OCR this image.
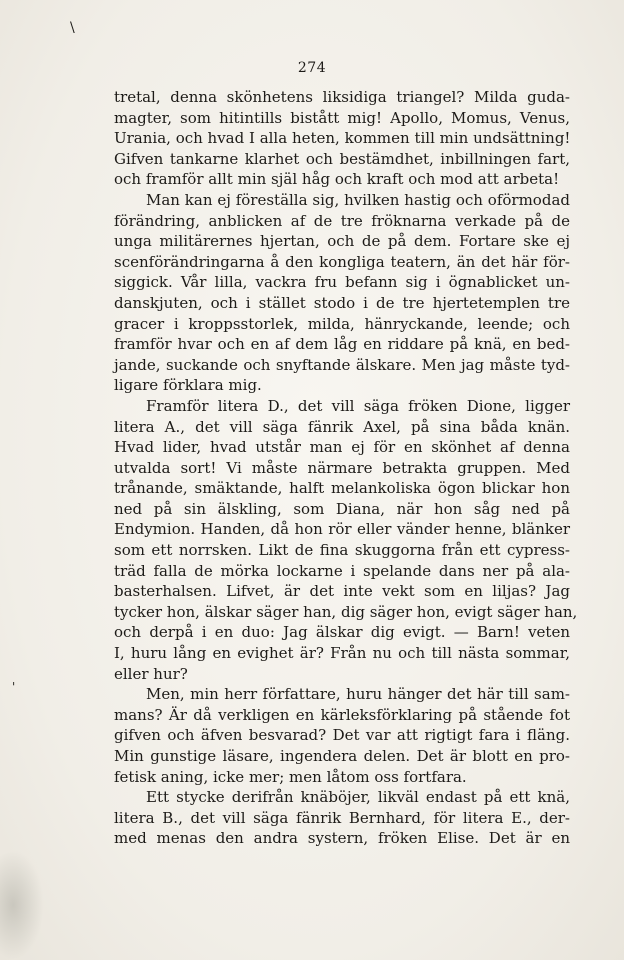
\
'
274
tretal, denna skönhetens liksidiga triangel? Milda guda-
magter, som hitintills bistått mig! Apollo, Momus, Venus,
Urania, och hvad I alla heten, kommen till min undsättning!
Gifven tankarne klarhet och bestämdhet, inbillningen fart,
och framför allt min själ håg och kraft och mod att arbeta!
Man kan ej föreställa sig, hvilken hastig och oförmodad
förändring, anblicken af de tre fröknarna verkade på de
unga militärernes hjertan, och de på dem. Fortare ske ej
scenförändringarna å den kongliga teatern, än det här för-
siggick. Vår lilla, vackra fru befann sig i ögnablicket un-
danskjuten, och i stället stodo i de tre hjertetemplen tre
gracer i kroppsstorlek, milda, hänryckande, leende; och
framför hvar och en af dem låg en riddare på knä, en bed-
jande, suckande och snyftande älskare. Men jag måste tyd-
ligare förklara mig.
Framför litera D., det vill säga fröken Dione, ligger
litera A., det vill säga fänrik Axel, på sina båda knän.
Hvad lider, hvad utstår man ej för en skönhet af denna
utvalda sort! Vi måste närmare betrakta gruppen. Med
trånande, smäktande, halft melankoliska ögon blickar hon
ned på sin älskling, som Diana, när hon såg ned på
Endymion. Handen, då hon rör eller vänder henne, blänker
som ett norrsken. Likt de fina skuggorna från ett cypress-
träd falla de mörka lockarne i spelande dans ner på ala-
basterhalsen. Lifvet, är det inte vekt som en liljas? Jag
tycker hon, älskar säger han, dig säger hon, evigt säger han,
och derpå i en duo: Jag älskar dig evigt. — Barn! veten
I, huru lång en evighet är? Från nu och till nästa sommar,
eller hur?
Men, min herr författare, huru hänger det här till sam-
mans? Är då verkligen en kärleksförklaring på stående fot
gifven och äfven besvarad? Det var att rigtigt fara i fläng.
Min gunstige läsare, ingendera delen. Det är blott en pro-
fetisk aning, icke mer; men låtom oss fortfara.
Ett stycke derifrån knäböjer, likväl endast på ett knä,
litera B., det vill säga fänrik Bernhard, för litera E., der-
med menas den andra systern, fröken Elise. Det är en
